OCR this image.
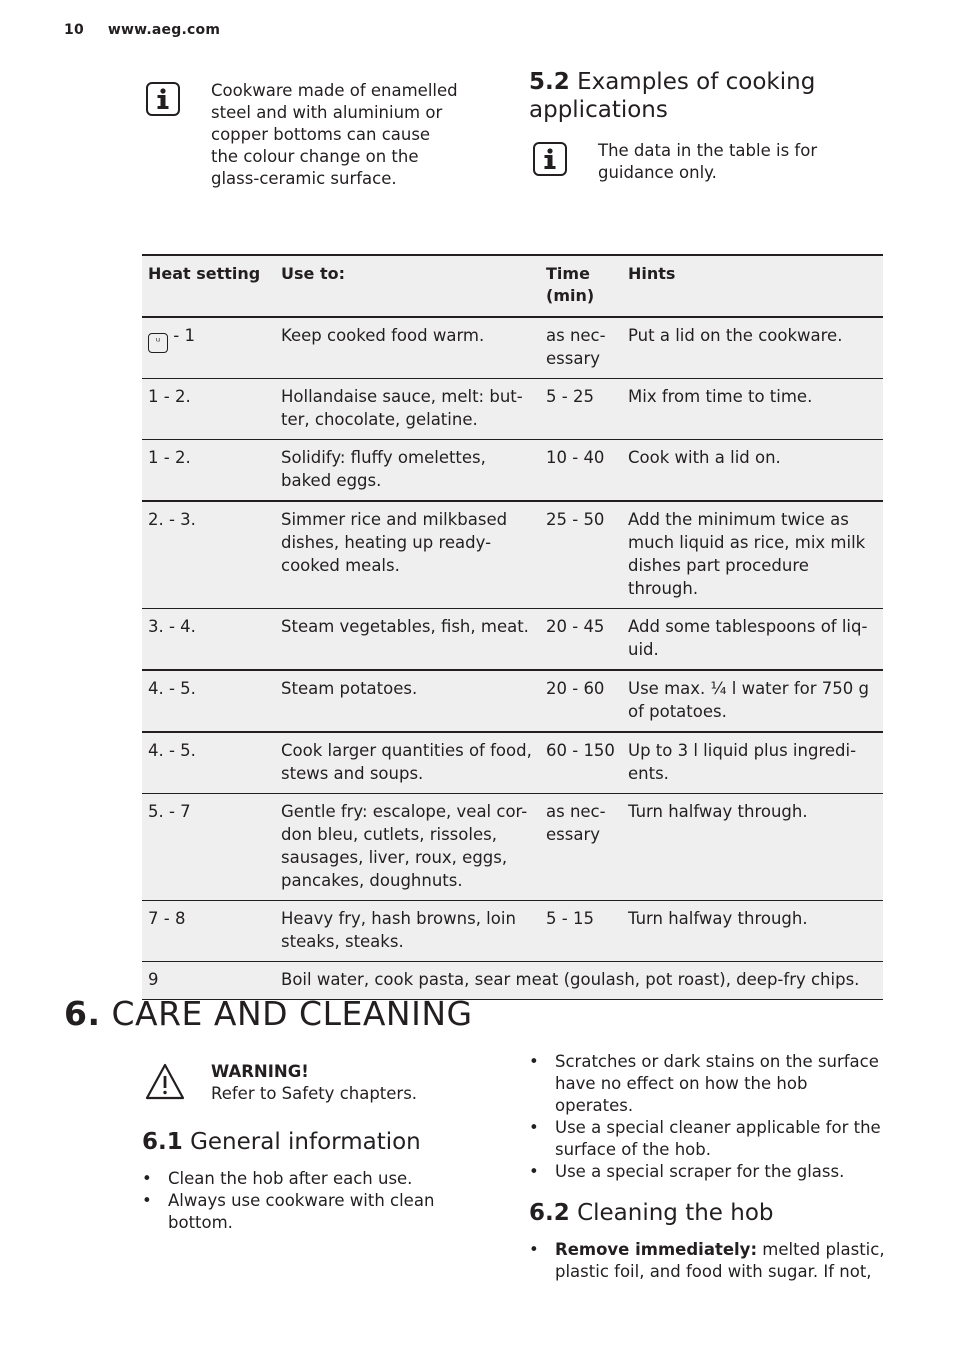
10 www.aeg.com
Cookware made of enamelled steel and with aluminium or copper bottoms can cause the colour change on the glass-ceramic surface.
5.2 Examples of cooking applications
The data in the table is for guidance only.
Heat setting	Use to:	Time (min)	Hints
ᵘ - 1	Keep cooked food warm.	as nec-essary	Put a lid on the cookware.
1 - 2.	Hollandaise sauce, melt: but-ter, chocolate, gelatine.	5 - 25	Mix from time to time.
1 - 2.	Solidify: fluffy omelettes, baked eggs.	10 - 40	Cook with a lid on.
2. - 3.	Simmer rice and milkbased dishes, heating up ready-cooked meals.	25 - 50	Add the minimum twice as much liquid as rice, mix milk dishes part procedure through.
3. - 4.	Steam vegetables, fish, meat.	20 - 45	Add some tablespoons of liq-uid.
4. - 5.	Steam potatoes.	20 - 60	Use max. ¼ l water for 750 g of potatoes.
4. - 5.	Cook larger quantities of food, stews and soups.	60 - 150	Up to 3 l liquid plus ingredi-ents.
5. - 7	Gentle fry: escalope, veal cor-don bleu, cutlets, rissoles, sausages, liver, roux, eggs, pancakes, doughnuts.	as nec-essary	Turn halfway through.
7 - 8	Heavy fry, hash browns, loin steaks, steaks.	5 - 15	Turn halfway through.
9	Boil water, cook pasta, sear meat (goulash, pot roast), deep-fry chips.		
6. CARE AND CLEANING
WARNING!
Refer to Safety chapters.
6.1 General information
• Clean the hob after each use.
• Always use cookware with clean bottom.
• Scratches or dark stains on the surface have no effect on how the hob operates.
• Use a special cleaner applicable for the surface of the hob.
• Use a special scraper for the glass.
6.2 Cleaning the hob
• Remove immediately: melted plastic, plastic foil, and food with sugar. If not,
